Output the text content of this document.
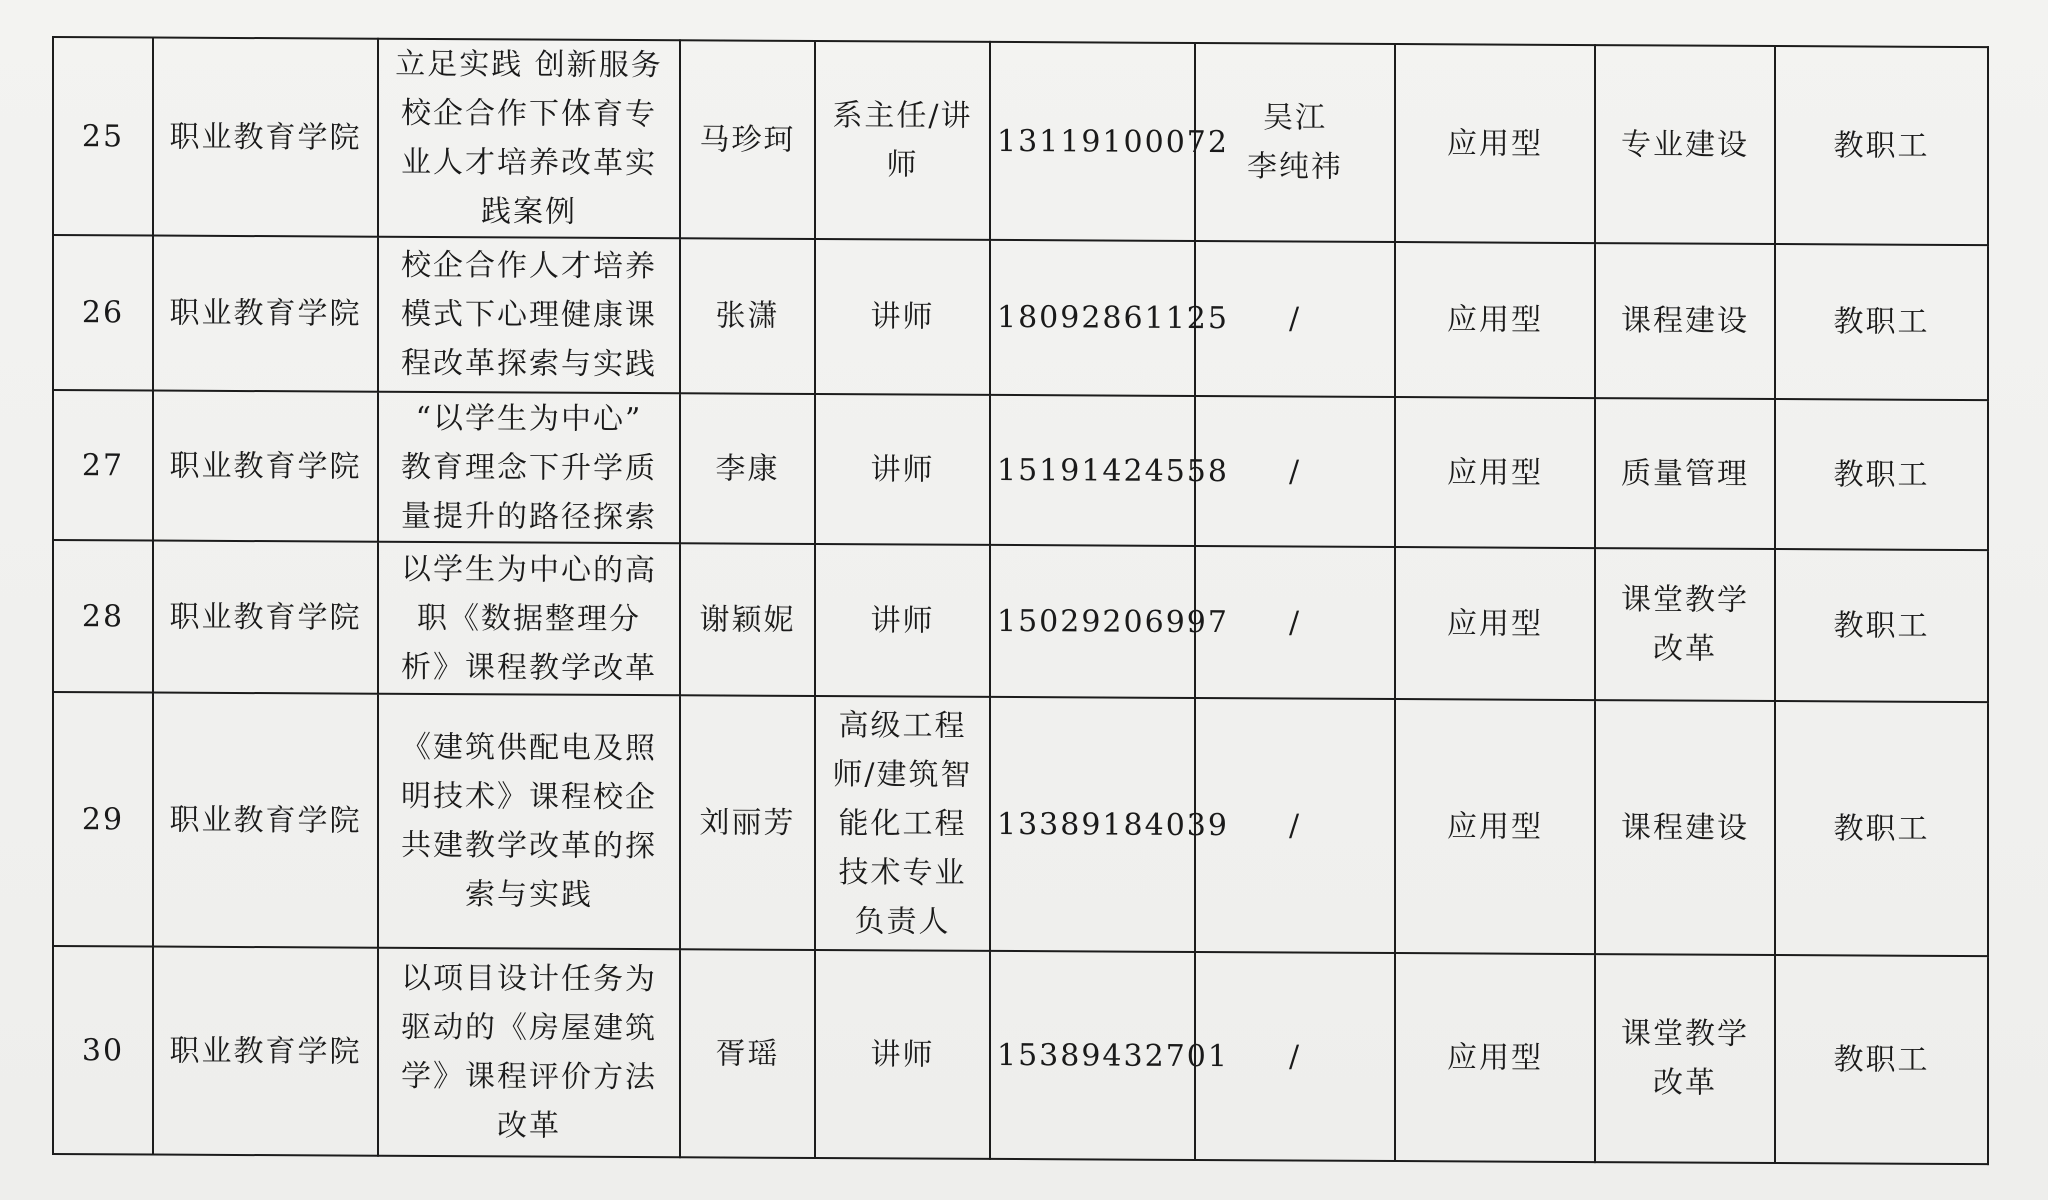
25	职业教育学院	立足实践 创新服务
校企合作下体育专
业人才培养改革实
践案例	马珍珂	系主任/讲
师	13119100072	吴江
李纯祎	应用型	专业建设	教职工
26	职业教育学院	校企合作人才培养
模式下心理健康课
程改革探索与实践	张潇	讲师	18092861125	/	应用型	课程建设	教职工
27	职业教育学院	“以学生为中心”
教育理念下升学质
量提升的路径探索	李康	讲师	15191424558	/	应用型	质量管理	教职工
28	职业教育学院	以学生为中心的高
职《数据整理分
析》课程教学改革	谢颖妮	讲师	15029206997	/	应用型	课堂教学
改革	教职工
29	职业教育学院	《建筑供配电及照
明技术》课程校企
共建教学改革的探
索与实践	刘丽芳	高级工程
师/建筑智
能化工程
技术专业
负责人	13389184039	/	应用型	课程建设	教职工
30	职业教育学院	以项目设计任务为
驱动的《房屋建筑
学》课程评价方法
改革	胥瑶	讲师	15389432701	/	应用型	课堂教学
改革	教职工
